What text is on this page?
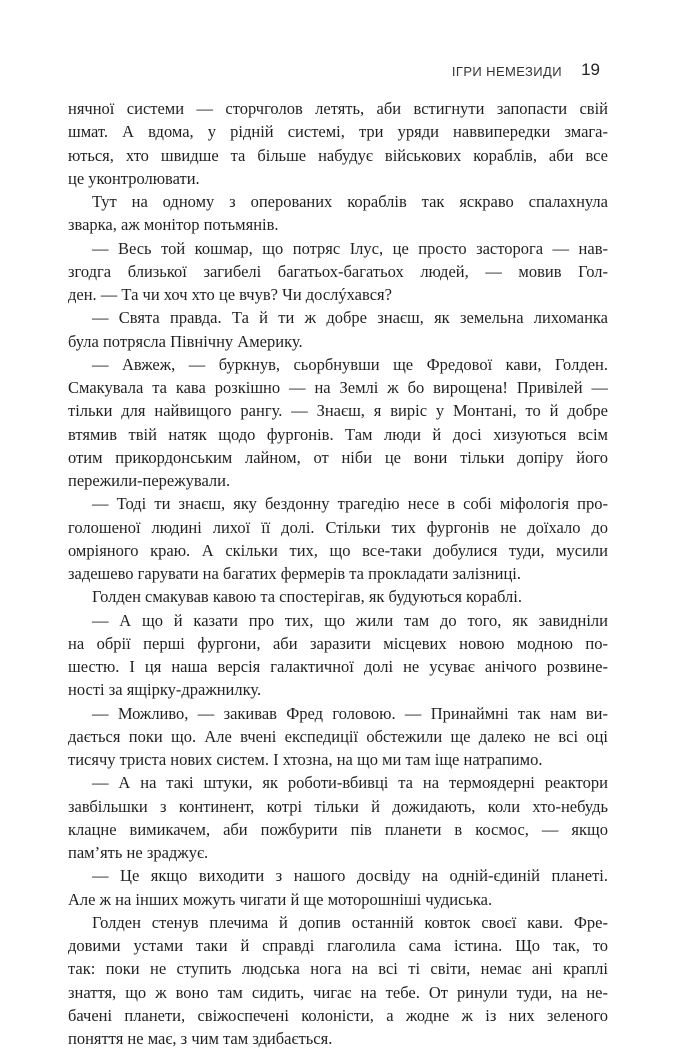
ІГРИ НЕМЕЗИДИ 19
нячної системи — сторчголов летять, аби встигнути запопасти свій
шмат. А вдома, у рідній системі, три уряди наввипередки змага-
ються, хто швидше та більше набудує військових кораблів, аби все
це уконтролювати.
Тут на одному з оперованих кораблів так яскраво спалахнула
зварка, аж монітор потьмянів.
— Весь той кошмар, що потряс Ілус, це просто засторога — нав-
згодга близької загибелі багатьох-багатьох людей, — мовив Гол-
ден. — Та чи хоч хто це вчув? Чи дослýхався?
— Свята правда. Та й ти ж добре знаєш, як земельна лихоманка
була потрясла Північну Америку.
— Авжеж, — буркнув, сьорбнувши ще Фредової кави, Голден.
Смакувала та кава розкішно — на Землі ж бо вирощена! Привілей —
тільки для найвищого рангу. — Знаєш, я виріс у Монтані, то й добре
втямив твій натяк щодо фургонів. Там люди й досі хизуються всім
отим прикордонським лайном, от ніби це вони тільки допіру його
пережили-пережували.
— Тоді ти знаєш, яку бездонну трагедію несе в собі міфологія про-
голошеної людині лихої її долі. Стільки тих фургонів не доїхало до
омріяного краю. А скільки тих, що все-таки добулися туди, мусили
задешево гарувати на багатих фермерів та прокладати залізниці.
Голден смакував кавою та спостерігав, як будуються кораблі.
— А що й казати про тих, що жили там до того, як завидніли
на обрії перші фургони, аби заразити місцевих новою модною по-
шестю. І ця наша версія галактичної долі не усуває анічого розвине-
ності за ящірку-дражнилку.
— Можливо, — закивав Фред головою. — Принаймні так нам ви-
дається поки що. Але вчені експедиції обстежили ще далеко не всі оці
тисячу триста нових систем. І хтозна, на що ми там іще натрапимо.
— А на такі штуки, як роботи-вбивці та на термоядерні реактори
завбільшки з континент, котрі тільки й дожидають, коли хто-небудь
клацне вимикачем, аби пожбурити пів планети в космос, — якщо
пам’ять не зраджує.
— Це якщо виходити з нашого досвіду на одній-єдиній планеті.
Але ж на інших можуть чигати й ще моторошніші чудиська.
Голден стенув плечима й допив останній ковток своєї кави. Фре-
довими устами таки й справді глаголила сама істина. Що так, то
так: поки не ступить людська нога на всі ті світи, немає ані краплі
знаття, що ж воно там сидить, чигає на тебе. От ринули туди, на не-
бачені планети, свіжоспечені колоністи, а жодне ж із них зеленого
поняття не має, з чим там здибається.
